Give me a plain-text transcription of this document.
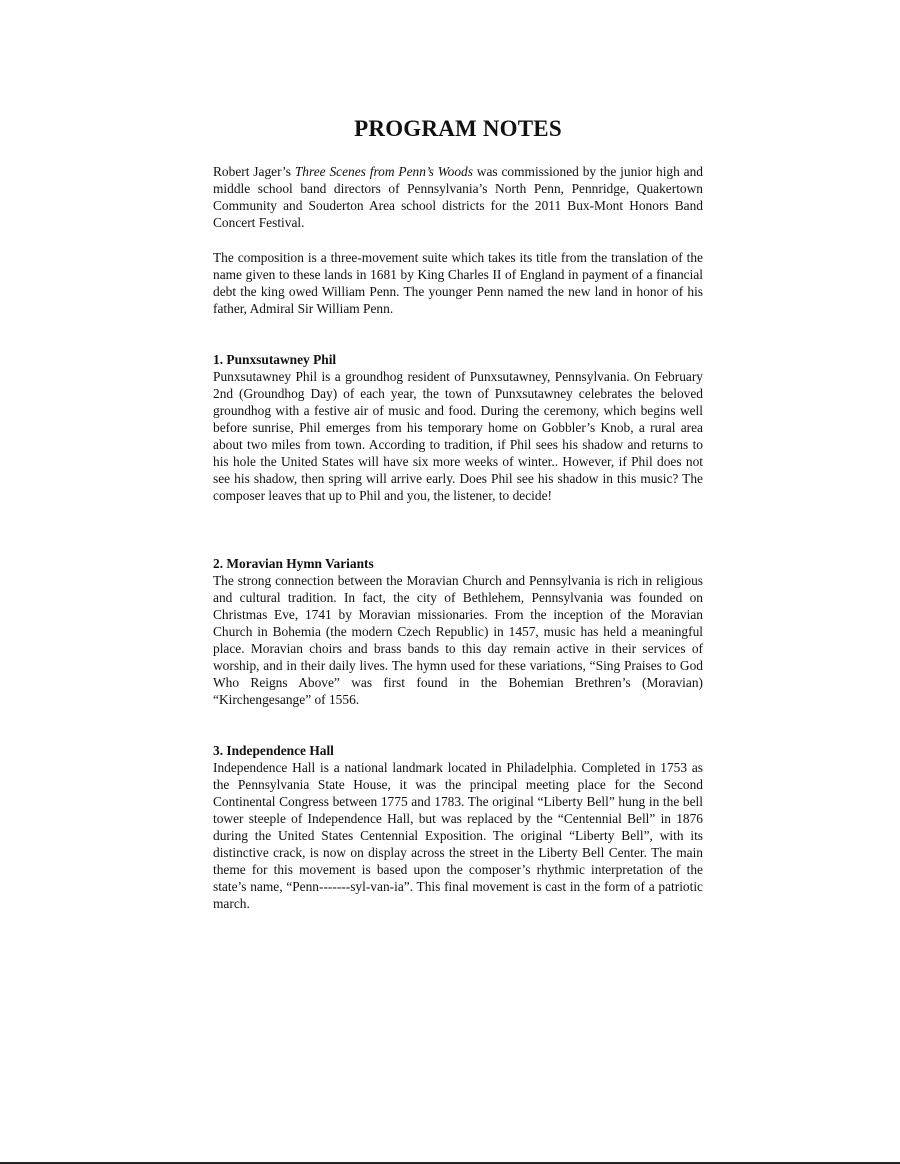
PROGRAM NOTES

Robert Jager’s Three Scenes from Penn’s Woods was commissioned by the junior high and middle school band directors of Pennsylvania’s North Penn, Pennridge, Quakertown Community and Souderton Area school districts for the 2011 Bux-Mont Honors Band Concert Festival.

The composition is a three-movement suite which takes its title from the translation of the name given to these lands in 1681 by King Charles II of England in payment of a financial debt the king owed William Penn. The younger Penn named the new land in honor of his father, Admiral Sir William Penn.

1. Punxsutawney Phil

Punxsutawney Phil is a groundhog resident of Punxsutawney, Pennsylvania. On February 2nd (Groundhog Day) of each year, the town of Punxsutawney celebrates the beloved groundhog with a festive air of music and food. During the ceremony, which begins well before sunrise, Phil emerges from his temporary home on Gobbler’s Knob, a rural area about two miles from town. According to tradition, if Phil sees his shadow and returns to his hole the United States will have six more weeks of winter.. However, if Phil does not see his shadow, then spring will arrive early. Does Phil see his shadow in this music? The composer leaves that up to Phil and you, the listener, to decide!

2. Moravian Hymn Variants

The strong connection between the Moravian Church and Pennsylvania is rich in religious and cultural tradition. In fact, the city of Bethlehem, Pennsylvania was founded on Christmas Eve, 1741 by Moravian missionaries. From the inception of the Moravian Church in Bohemia (the modern Czech Republic) in 1457, music has held a meaningful place. Moravian choirs and brass bands to this day remain active in their services of worship, and in their daily lives. The hymn used for these variations, “Sing Praises to God Who Reigns Above” was first found in the Bohemian Brethren’s (Moravian) “Kirchengesange” of 1556.

3. Independence Hall

Independence Hall is a national landmark located in Philadelphia. Completed in 1753 as the Pennsylvania State House, it was the principal meeting place for the Second Continental Congress between 1775 and 1783. The original “Liberty Bell” hung in the bell tower steeple of Independence Hall, but was replaced by the “Centennial Bell” in 1876 during the United States Centennial Exposition. The original “Liberty Bell”, with its distinctive crack, is now on display across the street in the Liberty Bell Center. The main theme for this movement is based upon the composer’s rhythmic interpretation of the state’s name, “Penn-------syl-van-ia”. This final movement is cast in the form of a patriotic march.
